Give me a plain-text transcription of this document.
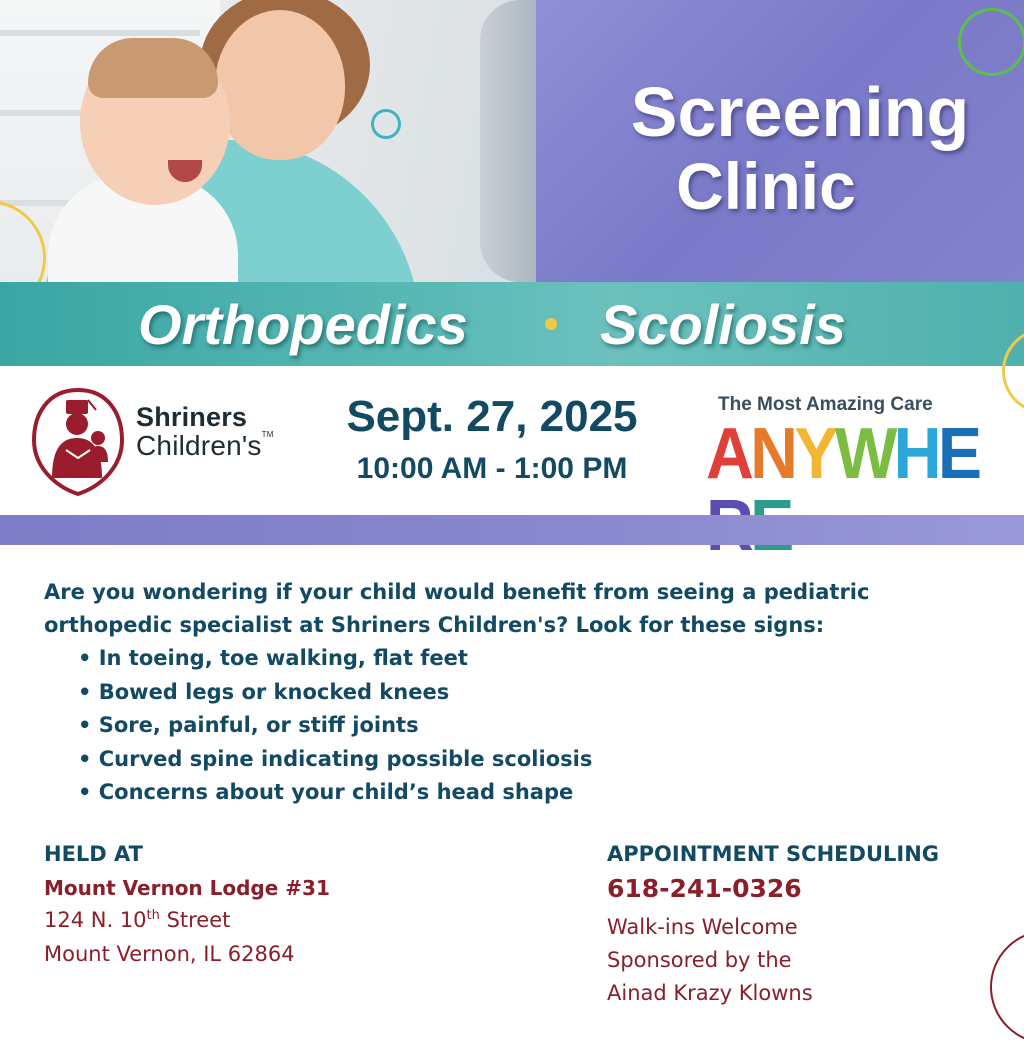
Screening
Clinic
Orthopedics Scoliosis
Shriners
Children's™	Sept. 27, 2025
10:00 AM - 1:00 PM
The Most Amazing Care
ANYWHE
Are you wondering if your child would benefit from seeing a pediatric
orthopedic specialist at Shriners Children's? Look for these signs:
• In toeing, toe walking, flat feet
• Bowed legs or knocked knees
• Sore, painful, or stiff joints
• Curved spine indicating possible scoliosis
• Concerns about your child’s head shape
HELD AT
Mount Vernon Lodge #31
124 N. 10th Street
Mount Vernon, IL 62864
APPOINTMENT SCHEDULING
618-241-0326
Walk-ins Welcome
Sponsored by the
Ainad Krazy Klowns
